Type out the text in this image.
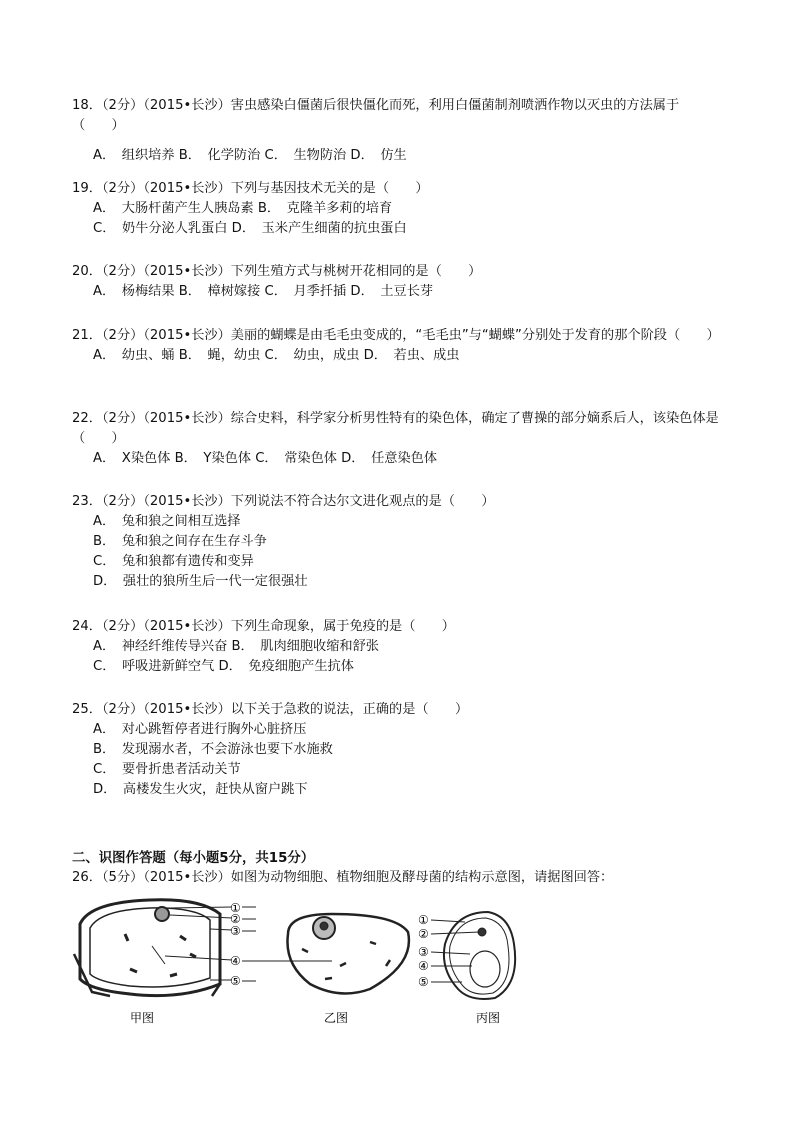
18．（2分）（2015•长沙）害虫感染白僵菌后很快僵化而死，利用白僵菌制剂喷洒作物以灭虫的方法属于（　　）

A．　组织培养 B．　化学防治 C．　生物防治 D．　仿生

19．（2分）（2015•长沙）下列与基因技术无关的是（　　）

A．　大肠杆菌产生人胰岛素 B．　克隆羊多莉的培育

C．　奶牛分泌人乳蛋白 D．　玉米产生细菌的抗虫蛋白

20．（2分）（2015•长沙）下列生殖方式与桃树开花相同的是（　　）

A．　杨梅结果 B．　樟树嫁接 C．　月季扦插 D．　土豆长芽

21．（2分）（2015•长沙）美丽的蝴蝶是由毛毛虫变成的，“毛毛虫”与“蝴蝶”分别处于发育的那个阶段（　　）

A．　幼虫、蛹 B．　蝇，幼虫 C．　幼虫，成虫 D．　若虫、成虫

22．（2分）（2015•长沙）综合史料，科学家分析男性特有的染色体，确定了曹操的部分嫡系后人，该染色体是（　　）

A．　X染色体 B．　Y染色体 C．　常染色体 D．　任意染色体

23．（2分）（2015•长沙）下列说法不符合达尔文进化观点的是（　　）

A．　兔和狼之间相互选择

B．　兔和狼之间存在生存斗争

C．　兔和狼都有遗传和变异

D．　强壮的狼所生后一代一定很强壮

24．（2分）（2015•长沙）下列生命现象，属于免疫的是（　　）

A．　神经纤维传导兴奋 B．　肌肉细胞收缩和舒张

C．　呼吸进新鲜空气 D．　免疫细胞产生抗体

25．（2分）（2015•长沙）以下关于急救的说法，正确的是（　　）

A．　对心跳暂停者进行胸外心脏挤压

B．　发现溺水者，不会游泳也要下水施救

C．　要骨折患者活动关节

D．　高楼发生火灾，赶快从窗户跳下

二、识图作答题（每小题5分，共15分）
26．（5分）（2015•长沙）如图为动物细胞、植物细胞及酵母菌的结构示意图，请据图回答：
①
②
③
④
⑤
甲图	乙图
①
②
③
④
⑤
丙图
